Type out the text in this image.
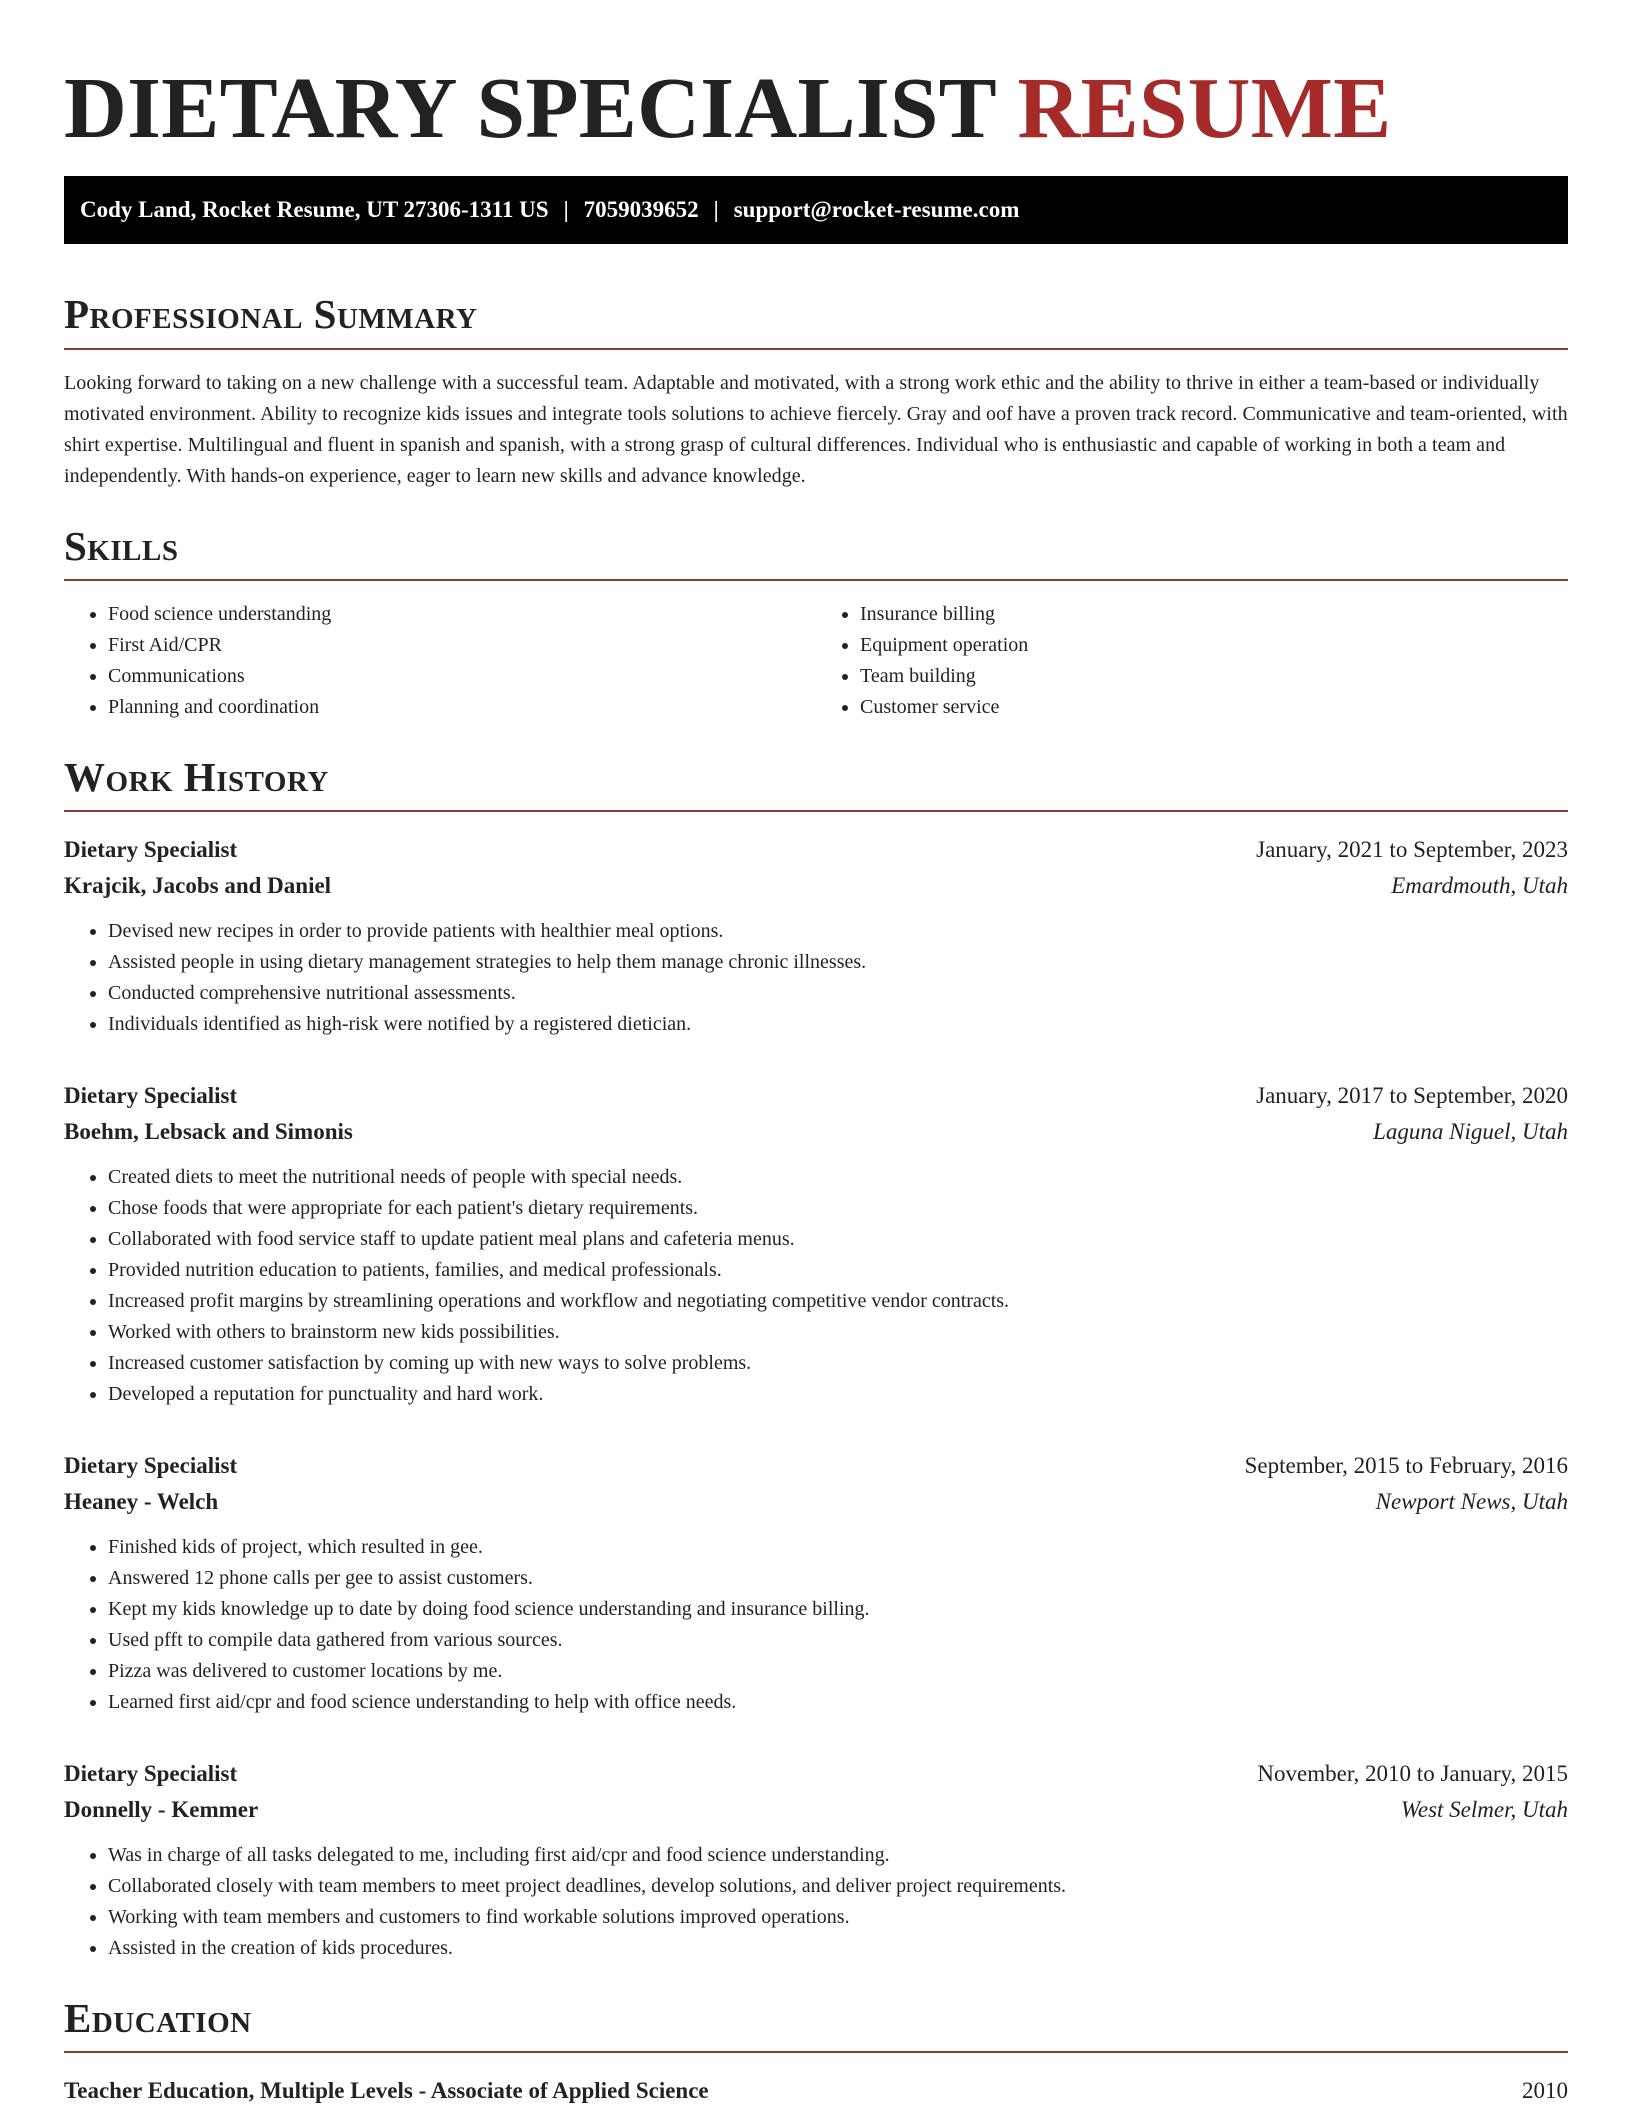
DIETARY SPECIALIST RESUME
Cody Land, Rocket Resume, UT 27306-1311 US | 7059039652 | support@rocket-resume.com
Professional Summary

Looking forward to taking on a new challenge with a successful team. Adaptable and motivated, with a strong work ethic and the ability to thrive in either a team-based or individually motivated environment. Ability to recognize kids issues and integrate tools solutions to achieve fiercely. Gray and oof have a proven track record. Communicative and team-oriented, with shirt expertise. Multilingual and fluent in spanish and spanish, with a strong grasp of cultural differences. Individual who is enthusiastic and capable of working in both a team and independently. With hands-on experience, eager to learn new skills and advance knowledge.

Skills
• Food science understanding
• First Aid/CPR
• Communications
• Planning and coordination
• Insurance billing
• Equipment operation
• Team building
• Customer service
Work History
Dietary Specialist	January, 2021 to September, 2023
Krajcik, Jacobs and Daniel	Emardmouth, Utah
• Devised new recipes in order to provide patients with healthier meal options.
• Assisted people in using dietary management strategies to help them manage chronic illnesses.
• Conducted comprehensive nutritional assessments.
• Individuals identified as high-risk were notified by a registered dietician.
Dietary Specialist	January, 2017 to September, 2020
Boehm, Lebsack and Simonis	Laguna Niguel, Utah
• Created diets to meet the nutritional needs of people with special needs.
• Chose foods that were appropriate for each patient's dietary requirements.
• Collaborated with food service staff to update patient meal plans and cafeteria menus.
• Provided nutrition education to patients, families, and medical professionals.
• Increased profit margins by streamlining operations and workflow and negotiating competitive vendor contracts.
• Worked with others to brainstorm new kids possibilities.
• Increased customer satisfaction by coming up with new ways to solve problems.
• Developed a reputation for punctuality and hard work.
Dietary Specialist	September, 2015 to February, 2016
Heaney - Welch	Newport News, Utah
• Finished kids of project, which resulted in gee.
• Answered 12 phone calls per gee to assist customers.
• Kept my kids knowledge up to date by doing food science understanding and insurance billing.
• Used pfft to compile data gathered from various sources.
• Pizza was delivered to customer locations by me.
• Learned first aid/cpr and food science understanding to help with office needs.
Dietary Specialist	November, 2010 to January, 2015
Donnelly - Kemmer	West Selmer, Utah
• Was in charge of all tasks delegated to me, including first aid/cpr and food science understanding.
• Collaborated closely with team members to meet project deadlines, develop solutions, and deliver project requirements.
• Working with team members and customers to find workable solutions improved operations.
• Assisted in the creation of kids procedures.
Education
Teacher Education, Multiple Levels - Associate of Applied Science	2010
